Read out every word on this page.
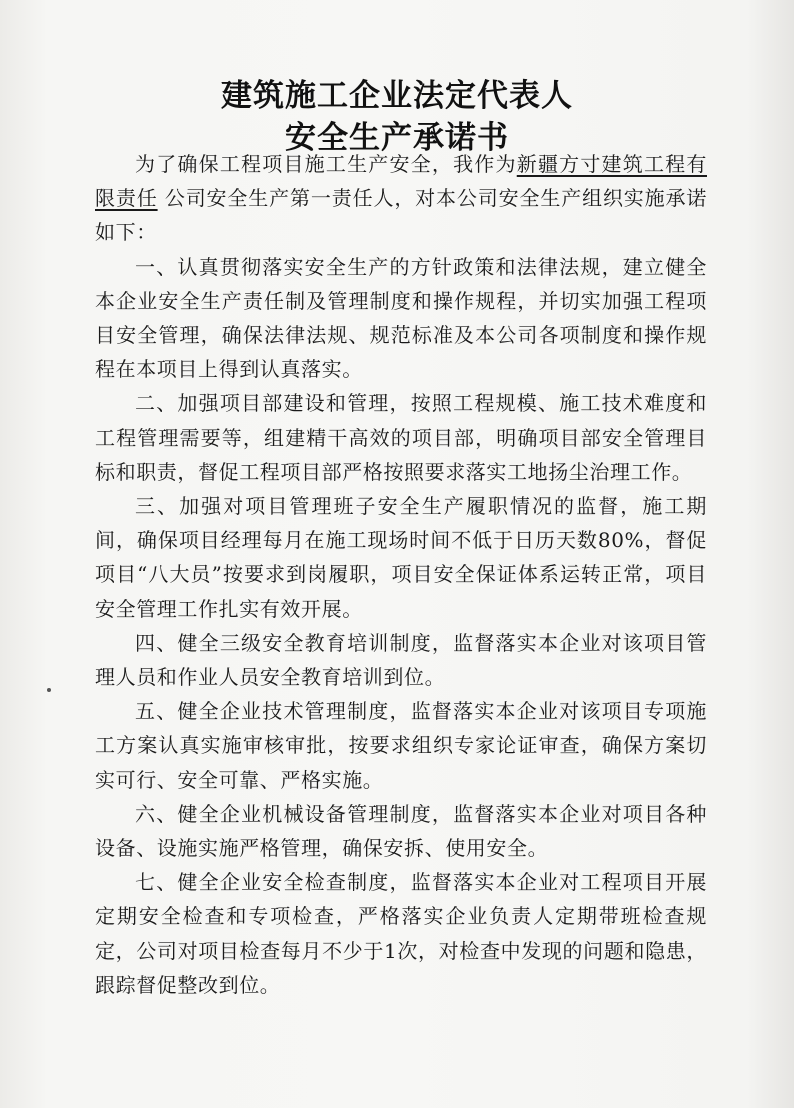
建筑施工企业法定代表人
安全生产承诺书

为了确保工程项目施工生产安全，我作为新疆方寸建筑工程有限责任 公司安全生产第一责任人，对本公司安全生产组织实施承诺如下：

一、认真贯彻落实安全生产的方针政策和法律法规，建立健全本企业安全生产责任制及管理制度和操作规程，并切实加强工程项目安全管理，确保法律法规、规范标准及本公司各项制度和操作规程在本项目上得到认真落实。

二、加强项目部建设和管理，按照工程规模、施工技术难度和工程管理需要等，组建精干高效的项目部，明确项目部安全管理目标和职责，督促工程项目部严格按照要求落实工地扬尘治理工作。

三、加强对项目管理班子安全生产履职情况的监督，施工期间，确保项目经理每月在施工现场时间不低于日历天数80%，督促项目“八大员”按要求到岗履职，项目安全保证体系运转正常，项目安全管理工作扎实有效开展。

四、健全三级安全教育培训制度，监督落实本企业对该项目管理人员和作业人员安全教育培训到位。

五、健全企业技术管理制度，监督落实本企业对该项目专项施工方案认真实施审核审批，按要求组织专家论证审查，确保方案切实可行、安全可靠、严格实施。

六、健全企业机械设备管理制度，监督落实本企业对项目各种设备、设施实施严格管理，确保安拆、使用安全。

七、健全企业安全检查制度，监督落实本企业对工程项目开展定期安全检查和专项检查，严格落实企业负责人定期带班检查规定，公司对项目检查每月不少于1次，对检查中发现的问题和隐患，跟踪督促整改到位。
